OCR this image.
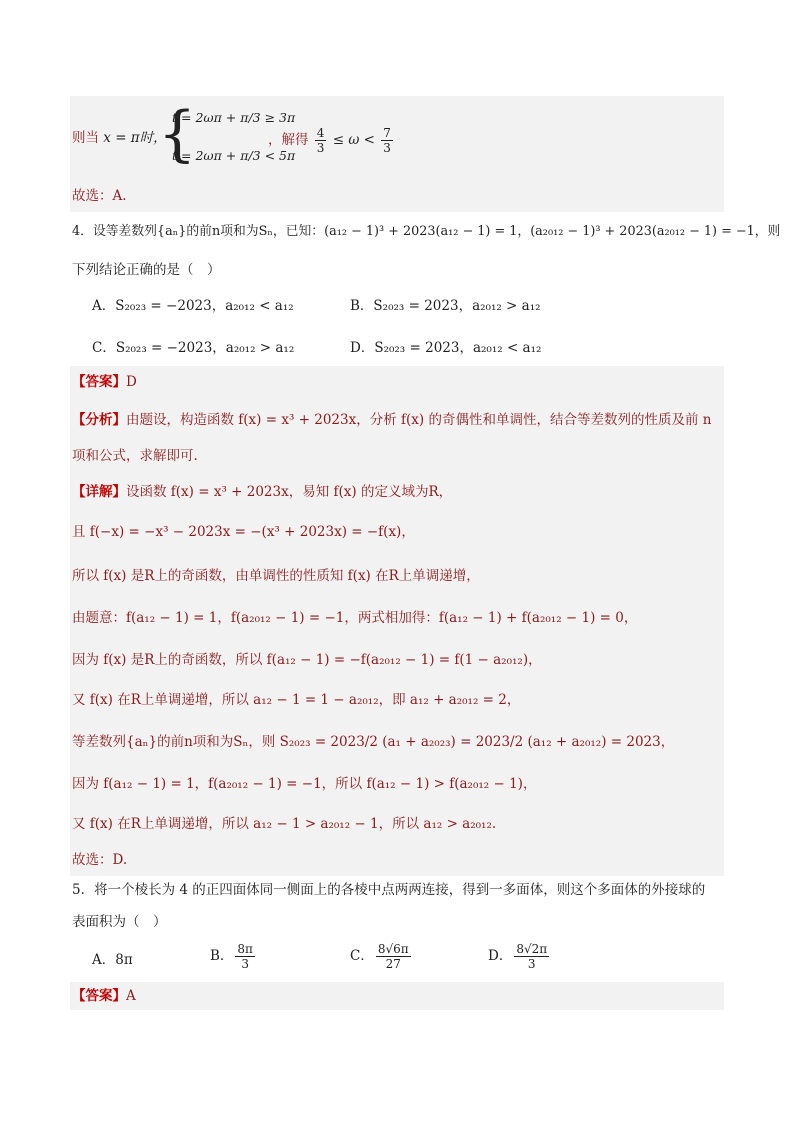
则当 x = π时，
{
t = 2ωπ + π/3 ≥ 3π
t = 2ωπ + π/3 < 5π
，解得 $\frac{4}{3} \le \omega < \frac{7}{3}$
故选：A.
4．设等差数列{aₙ}的前n项和为Sₙ，已知：(a₁₂ − 1)³ + 2023(a₁₂ − 1) = 1，(a₂₀₁₂ − 1)³ + 2023(a₂₀₁₂ − 1) = −1，则
下列结论正确的是（　）
A．S₂₀₂₃ = −2023，a₂₀₁₂ < a₁₂	B．S₂₀₂₃ = 2023，a₂₀₁₂ > a₁₂
C．S₂₀₂₃ = −2023，a₂₀₁₂ > a₁₂	D．S₂₀₂₃ = 2023，a₂₀₁₂ < a₁₂
【答案】D
【分析】由题设，构造函数 f(x) = x³ + 2023x，分析 f(x) 的奇偶性和单调性，结合等差数列的性质及前 n
项和公式，求解即可.
【详解】设函数 f(x) = x³ + 2023x，易知 f(x) 的定义域为R，
且 f(−x) = −x³ − 2023x = −(x³ + 2023x) = −f(x)，
所以 f(x) 是R上的奇函数，由单调性的性质知 f(x) 在R上单调递增，
由题意：f(a₁₂ − 1) = 1，f(a₂₀₁₂ − 1) = −1，两式相加得：f(a₁₂ − 1) + f(a₂₀₁₂ − 1) = 0，
因为 f(x) 是R上的奇函数，所以 f(a₁₂ − 1) = −f(a₂₀₁₂ − 1) = f(1 − a₂₀₁₂)，
又 f(x) 在R上单调递增，所以 a₁₂ − 1 = 1 − a₂₀₁₂，即 a₁₂ + a₂₀₁₂ = 2，
等差数列{aₙ}的前n项和为Sₙ，则 S₂₀₂₃ = 2023/2 (a₁ + a₂₀₂₃) = 2023/2 (a₁₂ + a₂₀₁₂) = 2023，
因为 f(a₁₂ − 1) = 1，f(a₂₀₁₂ − 1) = −1，所以 f(a₁₂ − 1) > f(a₂₀₁₂ − 1)，
又 f(x) 在R上单调递增，所以 a₁₂ − 1 > a₂₀₁₂ − 1，所以 a₁₂ > a₂₀₁₂.
故选：D.
5．将一个棱长为 4 的正四面体同一侧面上的各棱中点两两连接，得到一多面体，则这个多面体的外接球的
表面积为（　）
A．8π	B． $\frac{8\pi}{3}$	C． $\frac{8√6\pi}{27}$	D． $\frac{8√2\pi}{3}$
【答案】A
